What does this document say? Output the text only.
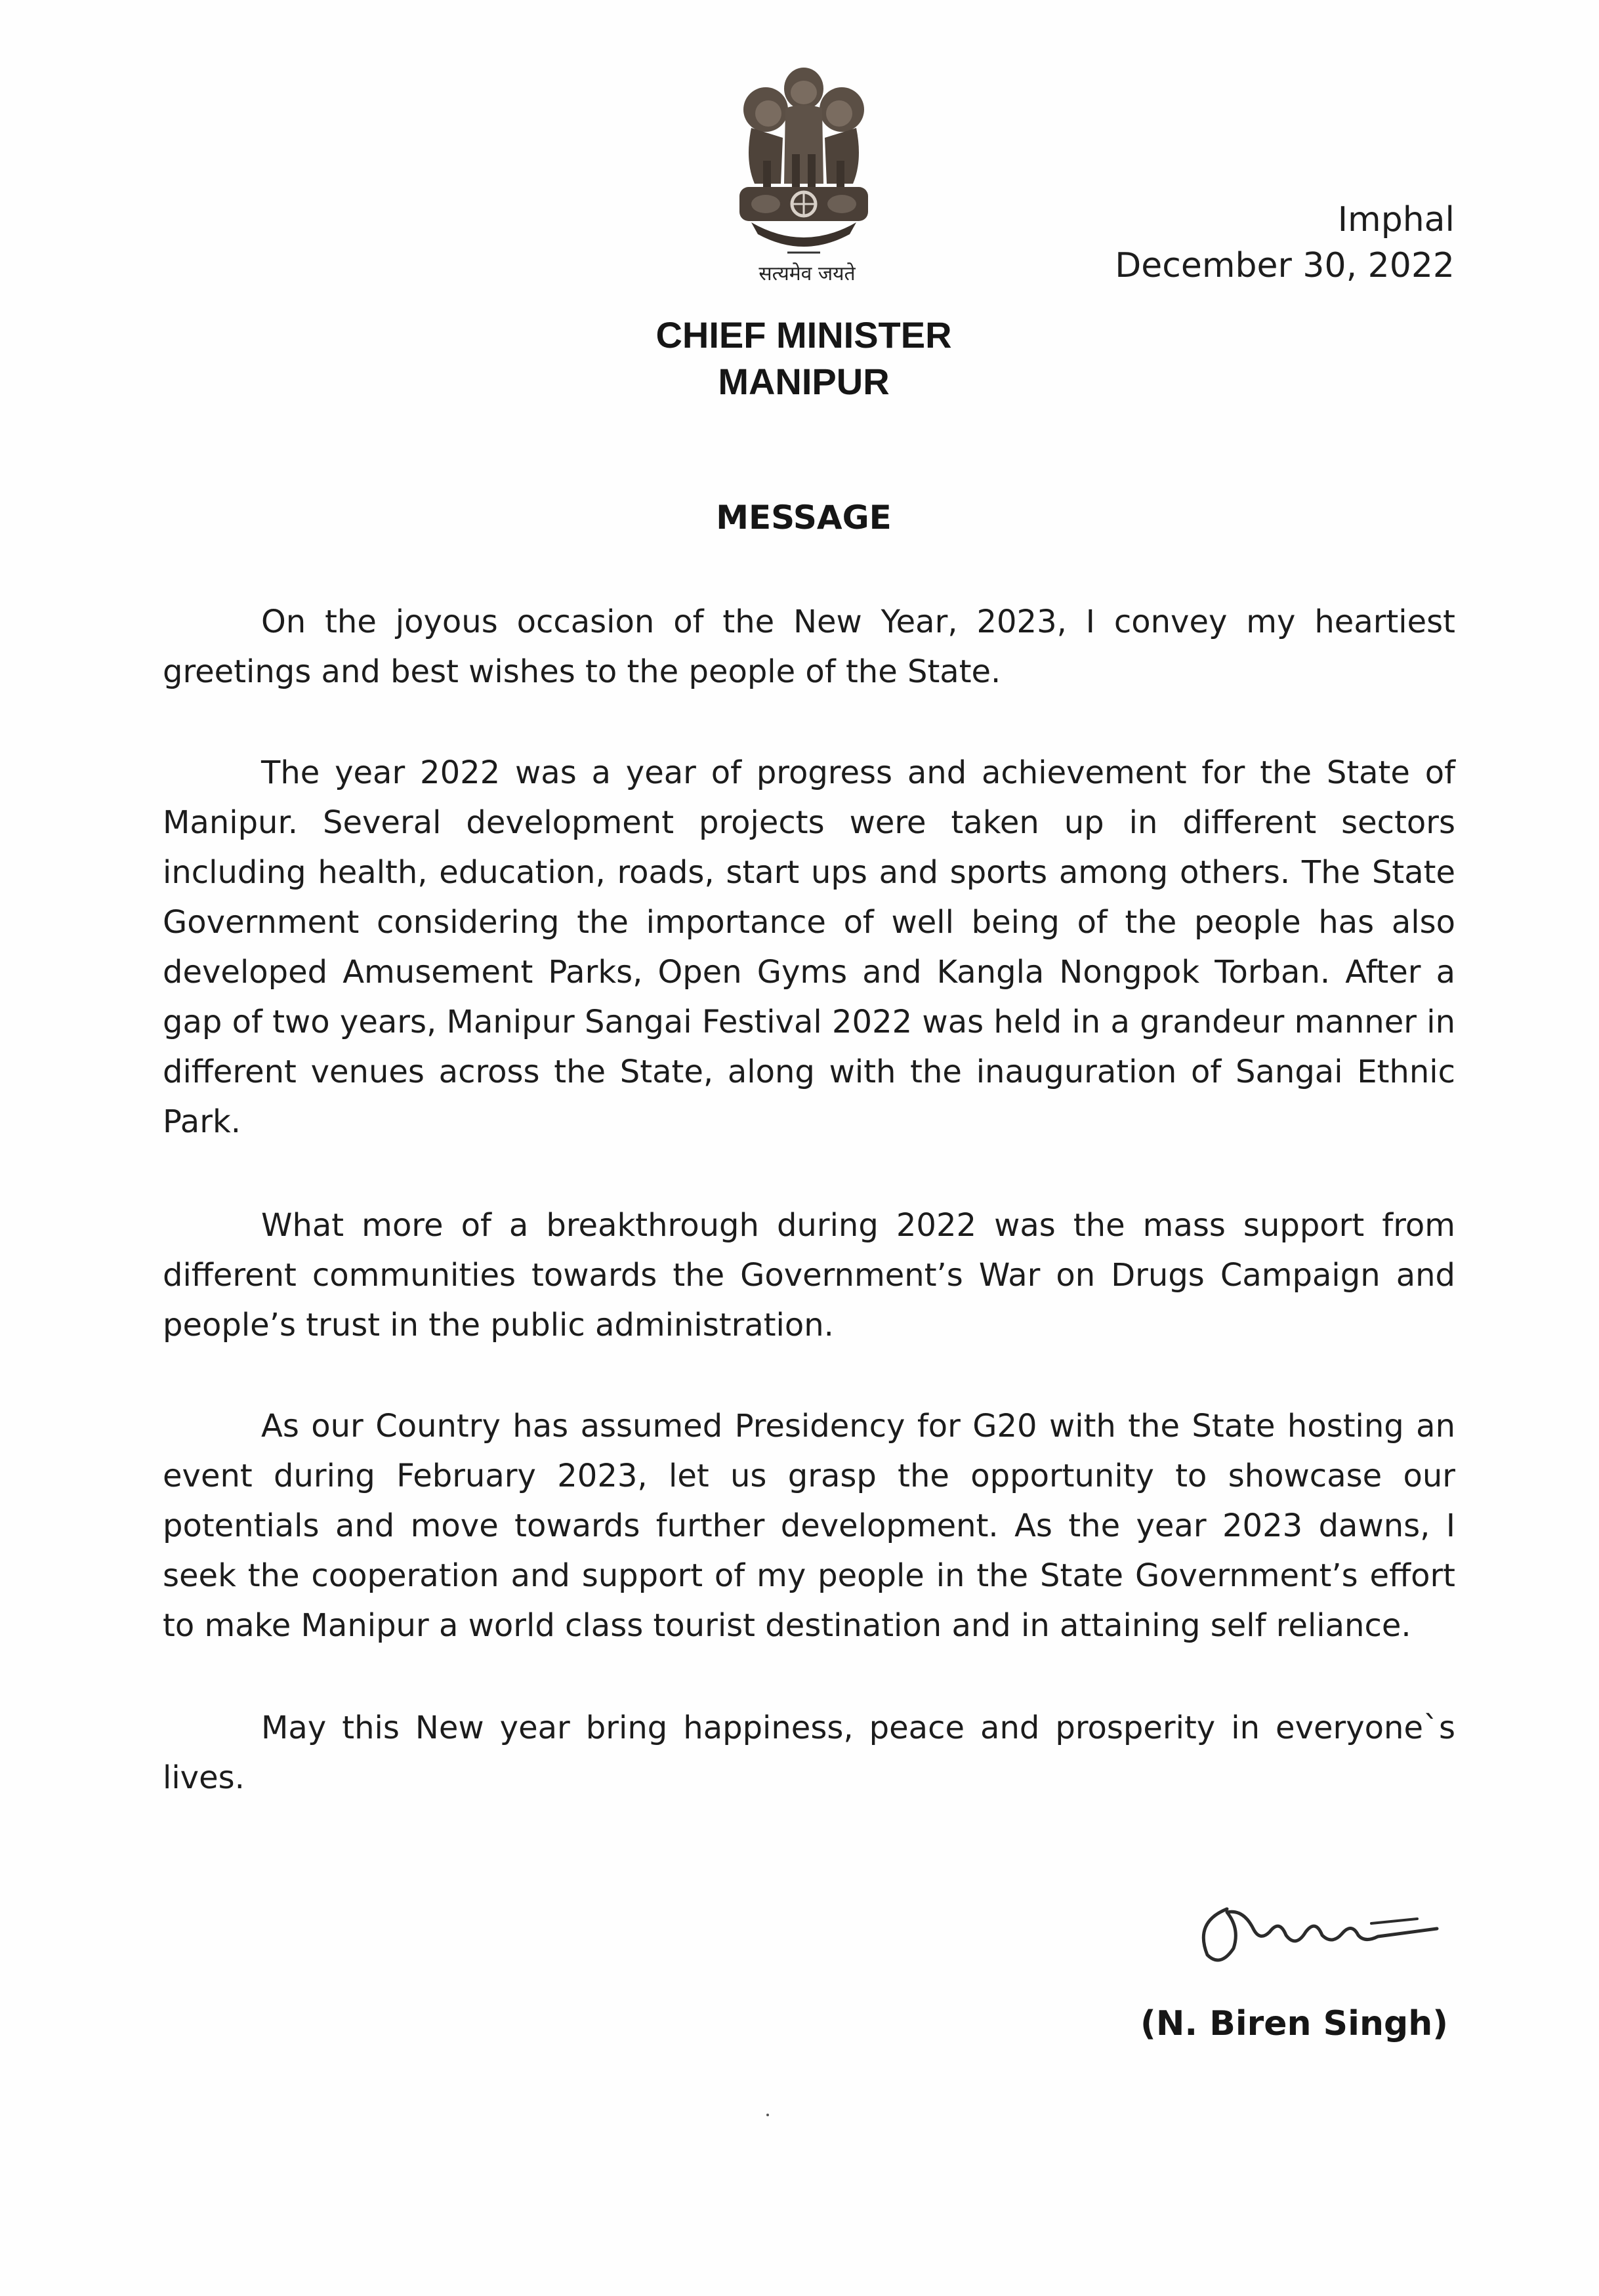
सत्यमेव जयते
Imphal
December 30, 2022
CHIEF MINISTER
MANIPUR
MESSAGE

On the joyous occasion of the New Year, 2023, I convey my heartiest greetings and best wishes to the people of the State.

The year 2022 was a year of progress and achievement for the State of Manipur. Several development projects were taken up in different sectors including health, education, roads, start ups and sports among others. The State Government considering the importance of well being of the people has also developed Amusement Parks, Open Gyms and Kangla Nongpok Torban. After a gap of two years, Manipur Sangai Festival 2022 was held in a grandeur manner in different venues across the State, along with the inauguration of Sangai Ethnic Park.

What more of a breakthrough during 2022 was the mass support from different communities towards the Government’s War on Drugs Campaign and people’s trust in the public administration.

As our Country has assumed Presidency for G20 with the State hosting an event during February 2023, let us grasp the opportunity to showcase our potentials and move towards further development. As the year 2023 dawns, I seek the cooperation and support of my people in the State Government’s effort to make Manipur a world class tourist destination and in attaining self reliance.

May this New year bring happiness, peace and prosperity in everyone`s lives.

(N. Biren Singh)
